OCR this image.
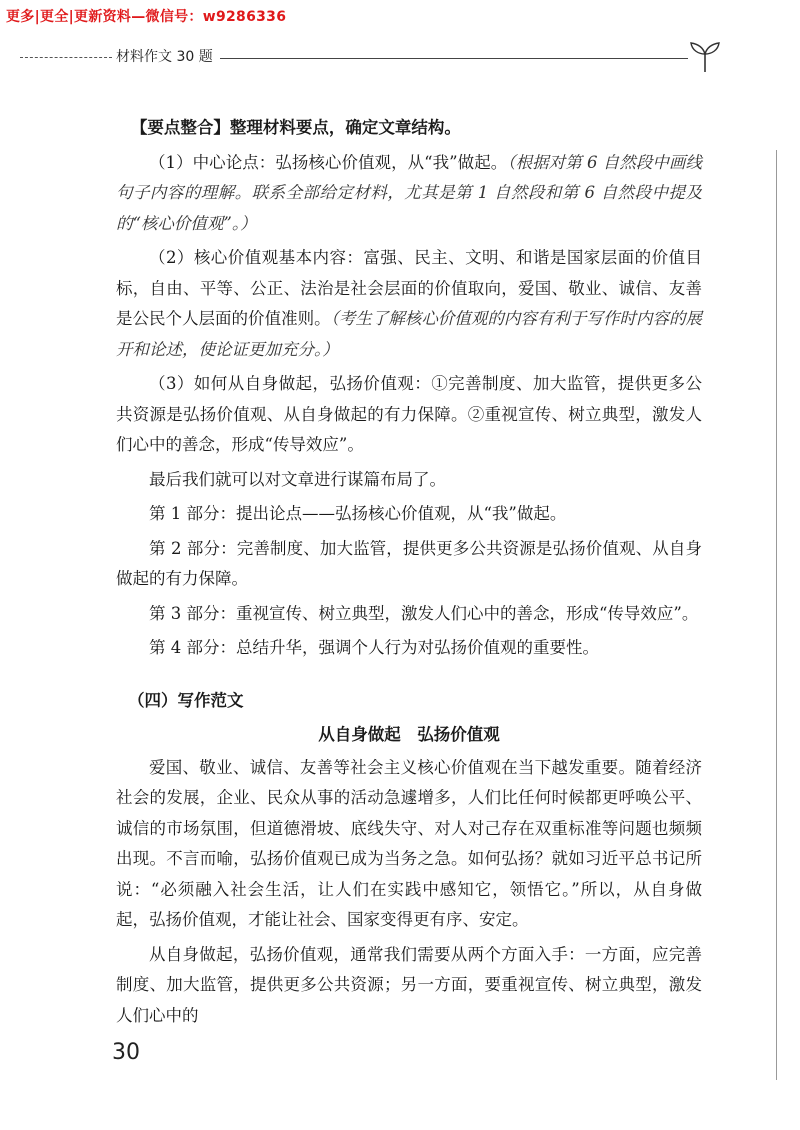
更多|更全|更新资料—微信号：w9286336
材料作文 30 题

【要点整合】整理材料要点，确定文章结构。

（1）中心论点：弘扬核心价值观，从“我”做起。（根据对第 6 自然段中画线句子内容的理解。联系全部给定材料，尤其是第 1 自然段和第 6 自然段中提及的“核心价值观”。）

（2）核心价值观基本内容：富强、民主、文明、和谐是国家层面的价值目标，自由、平等、公正、法治是社会层面的价值取向，爱国、敬业、诚信、友善是公民个人层面的价值准则。（考生了解核心价值观的内容有利于写作时内容的展开和论述，使论证更加充分。）

（3）如何从自身做起，弘扬价值观：①完善制度、加大监管，提供更多公共资源是弘扬价值观、从自身做起的有力保障。②重视宣传、树立典型，激发人们心中的善念，形成“传导效应”。

最后我们就可以对文章进行谋篇布局了。

第 1 部分：提出论点——弘扬核心价值观，从“我”做起。

第 2 部分：完善制度、加大监管，提供更多公共资源是弘扬价值观、从自身做起的有力保障。

第 3 部分：重视宣传、树立典型，激发人们心中的善念，形成“传导效应”。

第 4 部分：总结升华，强调个人行为对弘扬价值观的重要性。

（四）写作范文

从自身做起　弘扬价值观

爱国、敬业、诚信、友善等社会主义核心价值观在当下越发重要。随着经济社会的发展，企业、民众从事的活动急遽增多，人们比任何时候都更呼唤公平、诚信的市场氛围，但道德滑坡、底线失守、对人对己存在双重标准等问题也频频出现。不言而喻，弘扬价值观已成为当务之急。如何弘扬？就如习近平总书记所说：“必须融入社会生活，让人们在实践中感知它，领悟它。”所以，从自身做起，弘扬价值观，才能让社会、国家变得更有序、安定。

从自身做起，弘扬价值观，通常我们需要从两个方面入手：一方面，应完善制度、加大监管，提供更多公共资源；另一方面，要重视宣传、树立典型，激发人们心中的

30
